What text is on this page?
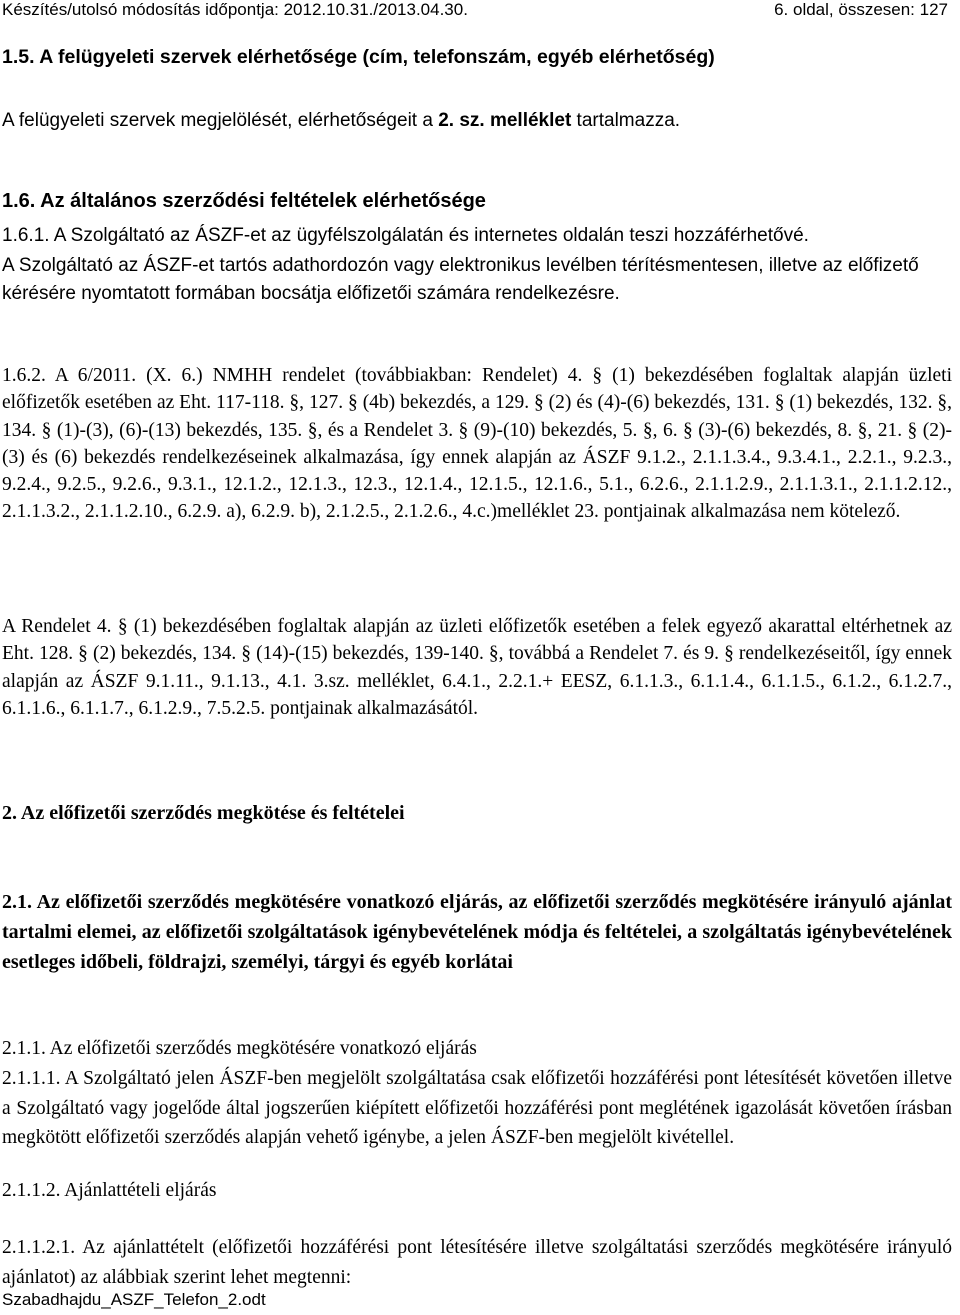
Készítés/utolsó módosítás időpontja: 2012.10.31./2013.04.30.	6. oldal, összesen: 127

1.5. A felügyeleti szervek elérhetősége (cím, telefonszám, egyéb elérhetőség)

A felügyeleti szervek megjelölését, elérhetőségeit a 2. sz. melléklet tartalmazza.

1.6. Az általános szerződési feltételek elérhetősége

1.6.1. A Szolgáltató az ÁSZF-et az ügyfélszolgálatán és internetes oldalán teszi hozzáférhetővé.

A Szolgáltató az ÁSZF-et tartós adathordozón vagy elektronikus levélben térítésmentesen, illetve az előfizető kérésére nyomtatott formában bocsátja előfizetői számára rendelkezésre.

1.6.2. A 6/2011. (X. 6.) NMHH rendelet (továbbiakban: Rendelet) 4. § (1) bekezdésében foglaltak alapján üzleti előfizetők esetében az Eht. 117-118. §, 127. § (4b) bekezdés, a 129. § (2) és (4)-(6) bekezdés, 131. § (1) bekezdés, 132. §, 134. § (1)-(3), (6)-(13) bekezdés, 135. §, és a Rendelet 3. § (9)-(10) bekezdés, 5. §, 6. § (3)-(6) bekezdés, 8. §, 21. § (2)-(3) és (6) bekezdés rendelkezéseinek alkalmazása, így ennek alapján az ÁSZF 9.1.2., 2.1.1.3.4., 9.3.4.1., 2.2.1., 9.2.3., 9.2.4., 9.2.5., 9.2.6., 9.3.1., 12.1.2., 12.1.3., 12.3., 12.1.4., 12.1.5., 12.1.6., 5.1., 6.2.6., 2.1.1.2.9., 2.1.1.3.1., 2.1.1.2.12., 2.1.1.3.2., 2.1.1.2.10., 6.2.9. a), 6.2.9. b), 2.1.2.5., 2.1.2.6., 4.c.)melléklet 23. pontjainak alkalmazása nem kötelező.

A Rendelet 4. § (1) bekezdésében foglaltak alapján az üzleti előfizetők esetében a felek egyező akarattal eltérhetnek az Eht. 128. § (2) bekezdés, 134. § (14)-(15) bekezdés, 139-140. §, továbbá a Rendelet 7. és 9. § rendelkezéseitől, így ennek alapján az ÁSZF 9.1.11., 9.1.13., 4.1. 3.sz. melléklet, 6.4.1., 2.2.1.+ EESZ, 6.1.1.3., 6.1.1.4., 6.1.1.5., 6.1.2., 6.1.2.7., 6.1.1.6., 6.1.1.7., 6.1.2.9., 7.5.2.5. pontjainak alkalmazásától.

2. Az előfizetői szerződés megkötése és feltételei

2.1. Az előfizetői szerződés megkötésére vonatkozó eljárás, az előfizetői szerződés megkötésére irányuló ajánlat tartalmi elemei, az előfizetői szolgáltatások igénybevételének módja és feltételei, a szolgáltatás igénybevételének esetleges időbeli, földrajzi, személyi, tárgyi és egyéb korlátai

2.1.1. Az előfizetői szerződés megkötésére vonatkozó eljárás

2.1.1.1. A Szolgáltató jelen ÁSZF-ben megjelölt szolgáltatása csak előfizetői hozzáférési pont létesítését követően illetve a Szolgáltató vagy jogelőde által jogszerűen kiépített előfizetői hozzáférési pont meglétének igazolását követően írásban megkötött előfizetői szerződés alapján vehető igénybe, a jelen ÁSZF-ben megjelölt kivétellel.

2.1.1.2. Ajánlattételi eljárás

2.1.1.2.1. Az ajánlattételt (előfizetői hozzáférési pont létesítésére illetve szolgáltatási szerződés megkötésére irányuló ajánlatot) az alábbiak szerint lehet megtenni:

Szabadhajdu_ASZF_Telefon_2.odt
